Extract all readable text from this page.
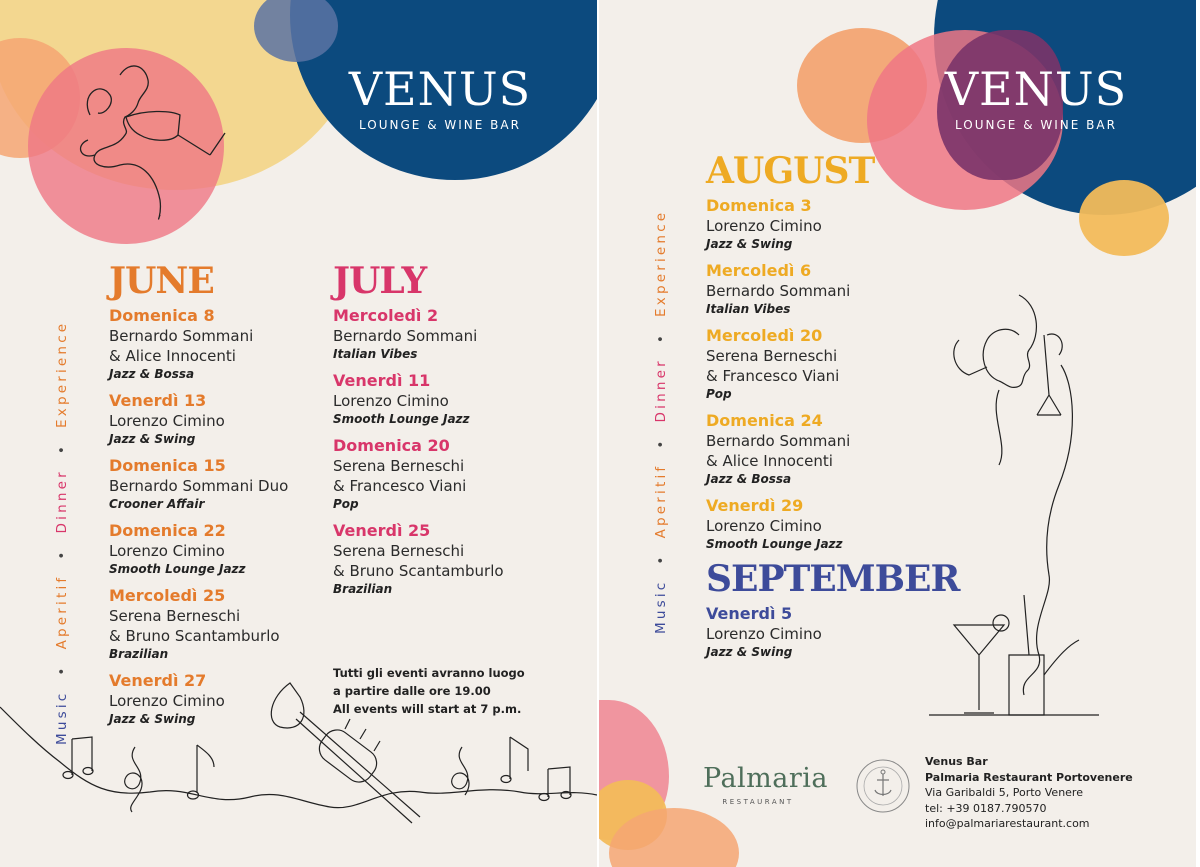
VENUS
LOUNGE & WINE BAR
Music  •  Aperitif  •  Dinner  •  Experience
JUNE
Domenica 8
Bernardo Sommani
& Alice Innocenti
Jazz & Bossa
Venerdì 13
Lorenzo Cimino
Jazz & Swing
Domenica 15
Bernardo Sommani Duo
Crooner Affair
Domenica 22
Lorenzo Cimino
Smooth Lounge Jazz
Mercoledì 25
Serena Berneschi
& Bruno Scantamburlo
Brazilian
Venerdì 27
Lorenzo Cimino
Jazz & Swing
JULY
Mercoledì 2
Bernardo Sommani
Italian Vibes
Venerdì 11
Lorenzo Cimino
Smooth Lounge Jazz
Domenica 20
Serena Berneschi
& Francesco Viani
Pop
Venerdì 25
Serena Berneschi
& Bruno Scantamburlo
Brazilian
Tutti gli eventi avranno luogo
a partire dalle ore 19.00
All events will start at 7 p.m.
VENUS
LOUNGE & WINE BAR
Music  •  Aperitif  •  Dinner  •  Experience
AUGUST
Domenica 3
Lorenzo Cimino
Jazz & Swing
Mercoledì 6
Bernardo Sommani
Italian Vibes
Mercoledì 20
Serena Berneschi
& Francesco Viani
Pop
Domenica 24
Bernardo Sommani
& Alice Innocenti
Jazz & Bossa
Venerdì 29
Lorenzo Cimino
Smooth Lounge Jazz
SEPTEMBER
Venerdì 5
Lorenzo Cimino
Jazz & Swing
Palmaria
RESTAURANT
Venus Bar
Palmaria Restaurant Portovenere
Via Garibaldi 5, Porto Venere
tel: +39 0187.790570
info@palmariarestaurant.com
